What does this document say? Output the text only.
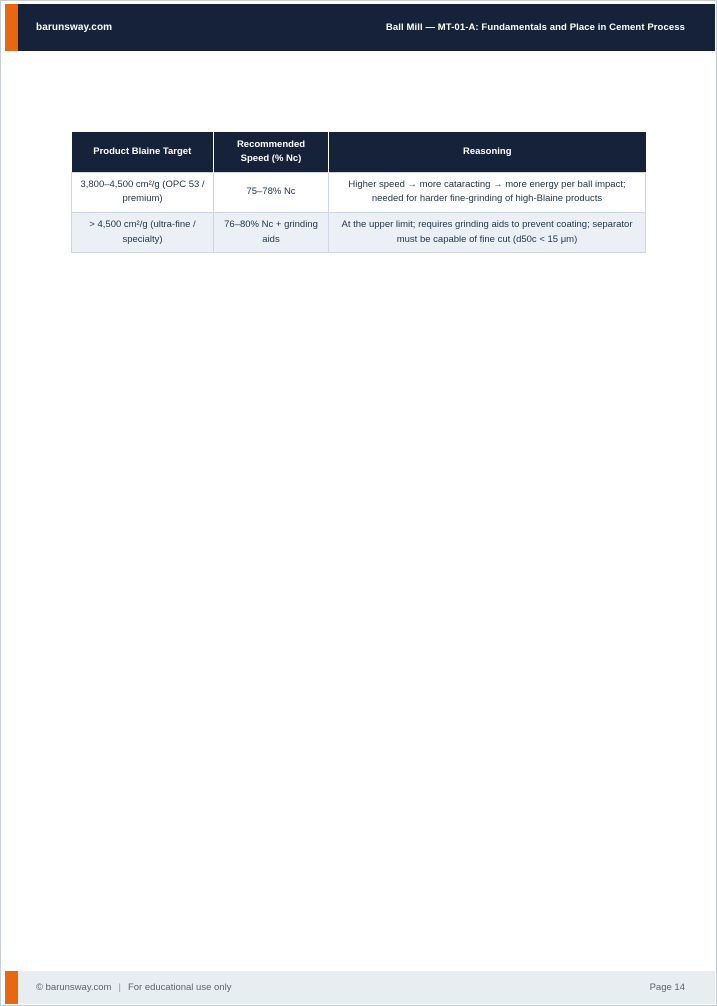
barunsway.com	Ball Mill — MT-01-A: Fundamentals and Place in Cement Process
Product Blaine Target	Recommended Speed (% Nc)	Reasoning
3,800–4,500 cm²/g (OPC 53 / premium)	75–78% Nc	Higher speed → more cataracting → more energy per ball impact; needed for harder fine-grinding of high-Blaine products
> 4,500 cm²/g (ultra-fine / specialty)	76–80% Nc + grinding aids	At the upper limit; requires grinding aids to prevent coating; separator must be capable of fine cut (d50c < 15 μm)
© barunsway.com | For educational use only	Page 14
